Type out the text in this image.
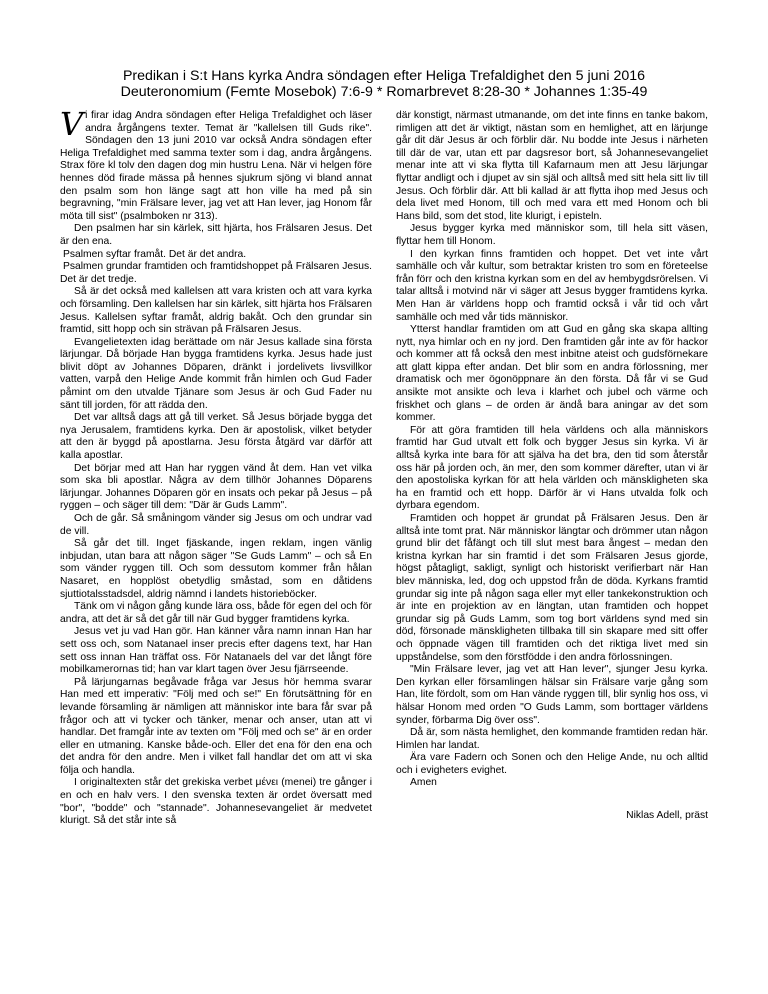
Predikan i S:t Hans kyrka Andra söndagen efter Heliga Trefaldighet den 5 juni 2016
Deuteronomium (Femte Mosebok) 7:6-9 * Romarbrevet 8:28-30 * Johannes 1:35-49

Vi firar idag Andra söndagen efter Heliga Trefaldighet och läser andra årgångens texter. Temat är "kallelsen till Guds rike". Söndagen den 13 juni 2010 var också Andra söndagen efter Heliga Trefaldighet med samma texter som i dag, andra årgångens. Strax före kl tolv den dagen dog min hustru Lena. När vi helgen före hennes död firade mässa på hennes sjukrum sjöng vi bland annat den psalm som hon länge sagt att hon ville ha med på sin begravning, "min Frälsare lever, jag vet att Han lever, jag Honom får möta till sist" (psalmboken nr 313).

Den psalmen har sin kärlek, sitt hjärta, hos Frälsaren Jesus. Det är den ena.

Psalmen syftar framåt. Det är det andra.

Psalmen grundar framtiden och framtidshoppet på Frälsaren Jesus. Det är det tredje.

Så är det också med kallelsen att vara kristen och att vara kyrka och församling. Den kallelsen har sin kärlek, sitt hjärta hos Frälsaren Jesus. Kallelsen syftar framåt, aldrig bakåt. Och den grundar sin framtid, sitt hopp och sin strävan på Frälsaren Jesus.

Evangelietexten idag berättade om när Jesus kallade sina första lärjungar. Då började Han bygga framtidens kyrka. Jesus hade just blivit döpt av Johannes Döparen, dränkt i jordelivets livsvillkor vatten, varpå den Helige Ande kommit från himlen och Gud Fader påmint om den utvalde Tjänare som Jesus är och Gud Fader nu sänt till jorden, för att rädda den.

Det var alltså dags att gå till verket. Så Jesus började bygga det nya Jerusalem, framtidens kyrka. Den är apostolisk, vilket betyder att den är byggd på apostlarna. Jesu första åtgärd var därför att kalla apostlar.

Det börjar med att Han har ryggen vänd åt dem. Han vet vilka som ska bli apostlar. Några av dem tillhör Johannes Döparens lärjungar. Johannes Döparen gör en insats och pekar på Jesus – på ryggen – och säger till dem: "Där är Guds Lamm".

Och de går. Så småningom vänder sig Jesus om och undrar vad de vill.

Så går det till. Inget fjäskande, ingen reklam, ingen vänlig inbjudan, utan bara att någon säger "Se Guds Lamm" – och så En som vänder ryggen till. Och som dessutom kommer från hålan Nasaret, en hopplöst obetydlig småstad, som en dåtidens sjuttiotalsstadsdel, aldrig nämnd i landets historieböcker.

Tänk om vi någon gång kunde lära oss, både för egen del och för andra, att det är så det går till när Gud bygger framtidens kyrka.

Jesus vet ju vad Han gör. Han känner våra namn innan Han har sett oss och, som Natanael inser precis efter dagens text, har Han sett oss innan Han träffat oss. För Natanaels del var det långt före mobilkamerornas tid; han var klart tagen över Jesu fjärrseende.

På lärjungarnas begåvade fråga var Jesus hör hemma svarar Han med ett imperativ: "Följ med och se!" En förutsättning för en levande församling är nämligen att människor inte bara får svar på frågor och att vi tycker och tänker, menar och anser, utan att vi handlar. Det framgår inte av texten om "Följ med och se" är en order eller en utmaning. Kanske både-och. Eller det ena för den ena och det andra för den andre. Men i vilket fall handlar det om att vi ska följa och handla.

I originaltexten står det grekiska verbet μένει (menei) tre gånger i en och en halv vers. I den svenska texten är ordet översatt med "bor", "bodde" och "stannade". Johannesevangeliet är medvetet klurigt. Så det står inte så

där konstigt, närmast utmanande, om det inte finns en tanke bakom, rimligen att det är viktigt, nästan som en hemlighet, att en lärjunge går dit där Jesus är och förblir där. Nu bodde inte Jesus i närheten till där de var, utan ett par dagsresor bort, så Johannesevangeliet menar inte att vi ska flytta till Kafarnaum men att Jesu lärjungar flyttar andligt och i djupet av sin själ och alltså med sitt hela sitt liv till Jesus. Och förblir där. Att bli kallad är att flytta ihop med Jesus och dela livet med Honom, till och med vara ett med Honom och bli Hans bild, som det stod, lite klurigt, i episteln.

Jesus bygger kyrka med människor som, till hela sitt väsen, flyttar hem till Honom.

I den kyrkan finns framtiden och hoppet. Det vet inte vårt samhälle och vår kultur, som betraktar kristen tro som en företeelse från förr och den kristna kyrkan som en del av hembygdsrörelsen. Vi talar alltså i motvind när vi säger att Jesus bygger framtidens kyrka. Men Han är världens hopp och framtid också i vår tid och vårt samhälle och med vår tids människor.

Ytterst handlar framtiden om att Gud en gång ska skapa allting nytt, nya himlar och en ny jord. Den framtiden går inte av för hackor och kommer att få också den mest inbitne ateist och gudsförnekare att glatt kippa efter andan. Det blir som en andra förlossning, mer dramatisk och mer ögonöppnare än den första. Då får vi se Gud ansikte mot ansikte och leva i klarhet och jubel och värme och friskhet och glans – de orden är ändå bara aningar av det som kommer.

För att göra framtiden till hela världens och alla människors framtid har Gud utvalt ett folk och bygger Jesus sin kyrka. Vi är alltså kyrka inte bara för att själva ha det bra, den tid som återstår oss här på jorden och, än mer, den som kommer därefter, utan vi är den apostoliska kyrkan för att hela världen och mänskligheten ska ha en framtid och ett hopp. Därför är vi Hans utvalda folk och dyrbara egendom.

Framtiden och hoppet är grundat på Frälsaren Jesus. Den är alltså inte tomt prat. När människor längtar och drömmer utan någon grund blir det fåfängt och till slut mest bara ångest – medan den kristna kyrkan har sin framtid i det som Frälsaren Jesus gjorde, högst påtagligt, sakligt, synligt och historiskt verifierbart när Han blev människa, led, dog och uppstod från de döda. Kyrkans framtid grundar sig inte på någon saga eller myt eller tankekonstruktion och är inte en projektion av en längtan, utan framtiden och hoppet grundar sig på Guds Lamm, som tog bort världens synd med sin död, försonade mänskligheten tillbaka till sin skapare med sitt offer och öppnade vägen till framtiden och det riktiga livet med sin uppståndelse, som den förstfödde i den andra förlossningen.

"Min Frälsare lever, jag vet att Han lever", sjunger Jesu kyrka. Den kyrkan eller församlingen hälsar sin Frälsare varje gång som Han, lite fördolt, som om Han vände ryggen till, blir synlig hos oss, vi hälsar Honom med orden "O Guds Lamm, som borttager världens synder, förbarma Dig över oss".

Då är, som nästa hemlighet, den kommande framtiden redan här. Himlen har landat.

Ära vare Fadern och Sonen och den Helige Ande, nu och alltid och i evigheters evighet.

Amen

Niklas Adell, präst
